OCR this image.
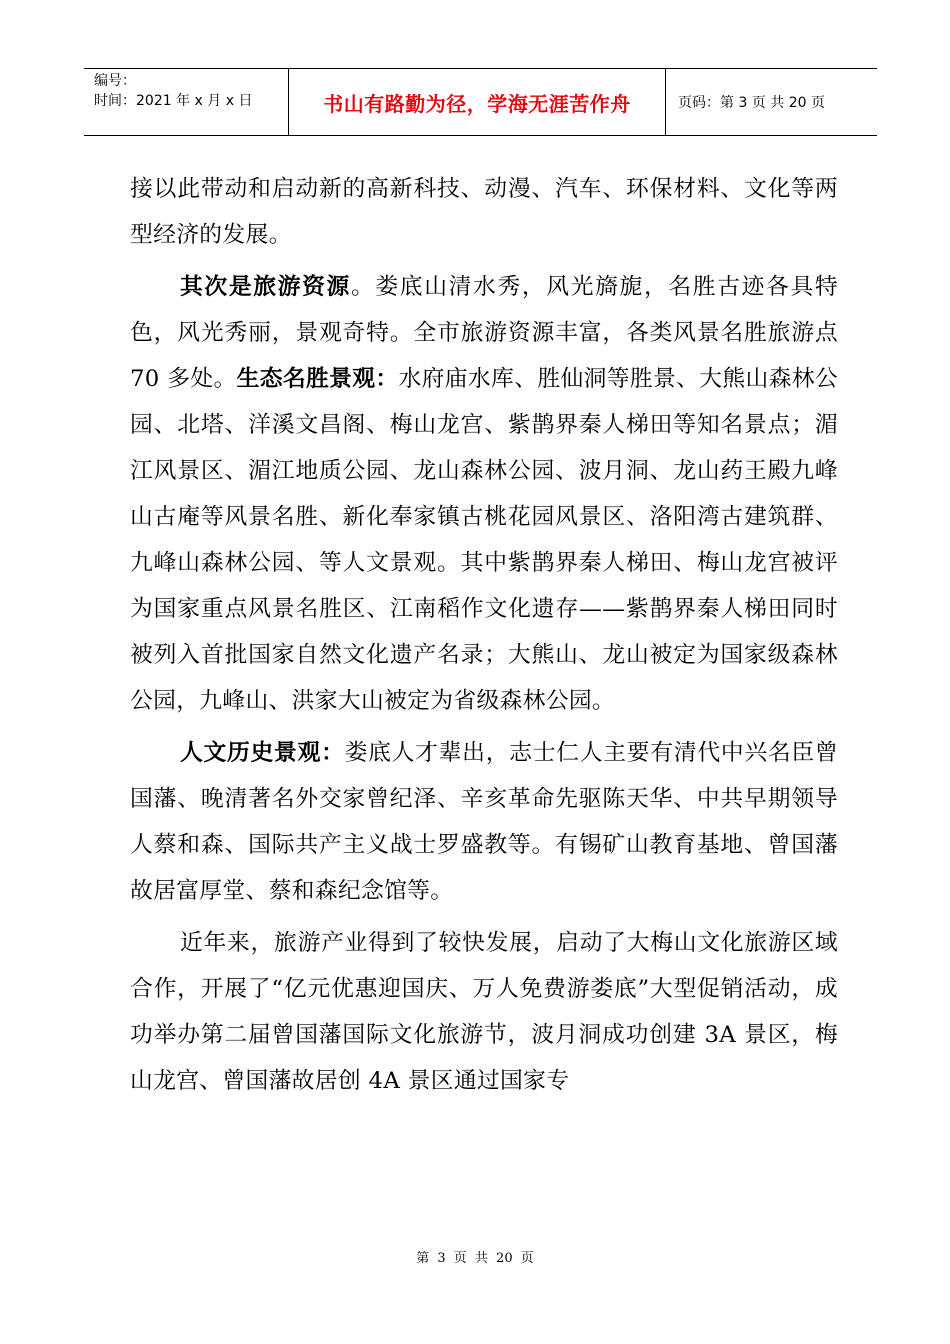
编号：
时间：2021 年 x 月 x 日	书山有路勤为径，学海无涯苦作舟	页码：第 3 页 共 20 页

接以此带动和启动新的高新科技、动漫、汽车、环保材料、文化等两型经济的发展。

其次是旅游资源。娄底山清水秀，风光旖旎，名胜古迹各具特色，风光秀丽，景观奇特。全市旅游资源丰富，各类风景名胜旅游点 70 多处。生态名胜景观：水府庙水库、胜仙洞等胜景、大熊山森林公园、北塔、洋溪文昌阁、梅山龙宫、紫鹊界秦人梯田等知名景点；湄江风景区、湄江地质公园、龙山森林公园、波月洞、龙山药王殿九峰山古庵等风景名胜、新化奉家镇古桃花园风景区、洛阳湾古建筑群、九峰山森林公园、等人文景观。其中紫鹊界秦人梯田、梅山龙宫被评为国家重点风景名胜区、江南稻作文化遗存——紫鹊界秦人梯田同时被列入首批国家自然文化遗产名录；大熊山、龙山被定为国家级森林公园，九峰山、洪家大山被定为省级森林公园。

人文历史景观：娄底人才辈出，志士仁人主要有清代中兴名臣曾国藩、晚清著名外交家曾纪泽、辛亥革命先驱陈天华、中共早期领导人蔡和森、国际共产主义战士罗盛教等。有锡矿山教育基地、曾国藩故居富厚堂、蔡和森纪念馆等。

近年来，旅游产业得到了较快发展，启动了大梅山文化旅游区域合作，开展了“亿元优惠迎国庆、万人免费游娄底”大型促销活动，成功举办第二届曾国藩国际文化旅游节，波月洞成功创建 3A 景区，梅山龙宫、曾国藩故居创 4A 景区通过国家专

第 3 页 共 20 页
